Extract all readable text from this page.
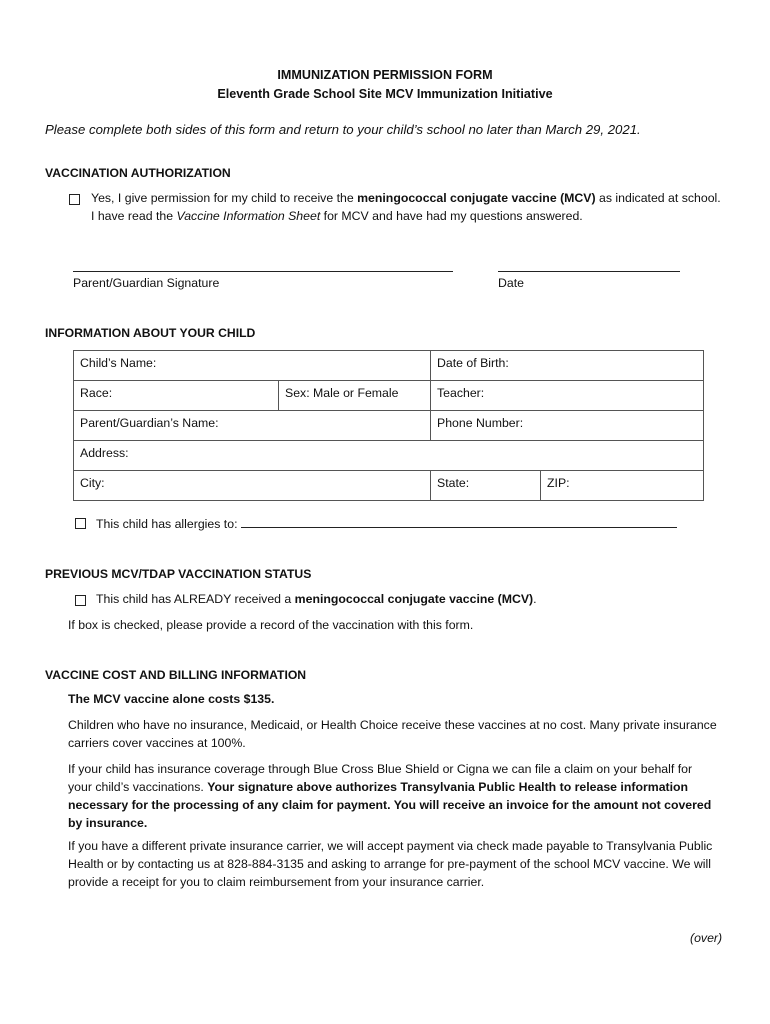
IMMUNIZATION PERMISSION FORM
Eleventh Grade School Site MCV Immunization Initiative
Please complete both sides of this form and return to your child’s school no later than March 29, 2021.
VACCINATION AUTHORIZATION
Yes, I give permission for my child to receive the meningococcal conjugate vaccine (MCV) as indicated at school.
I have read the Vaccine Information Sheet for MCV and have had my questions answered.
Parent/Guardian Signature	Date
INFORMATION ABOUT YOUR CHILD
Child’s Name:		Date of Birth:	
Race:	Sex: Male or Female	Teacher:	
Parent/Guardian’s Name:		Phone Number:	
Address:			
City:		State:	ZIP:
This child has allergies to:
PREVIOUS MCV/TDAP VACCINATION STATUS
This child has ALREADY received a meningococcal conjugate vaccine (MCV).
If box is checked, please provide a record of the vaccination with this form.
VACCINE COST AND BILLING INFORMATION
The MCV vaccine alone costs $135.
Children who have no insurance, Medicaid, or Health Choice receive these vaccines at no cost. Many private insurance carriers cover vaccines at 100%.
If your child has insurance coverage through Blue Cross Blue Shield or Cigna we can file a claim on your behalf for your child’s vaccinations. Your signature above authorizes Transylvania Public Health to release information necessary for the processing of any claim for payment. You will receive an invoice for the amount not covered by insurance.
If you have a different private insurance carrier, we will accept payment via check made payable to Transylvania Public Health or by contacting us at 828-884-3135 and asking to arrange for pre-payment of the school MCV vaccine. We will provide a receipt for you to claim reimbursement from your insurance carrier.
(over)
